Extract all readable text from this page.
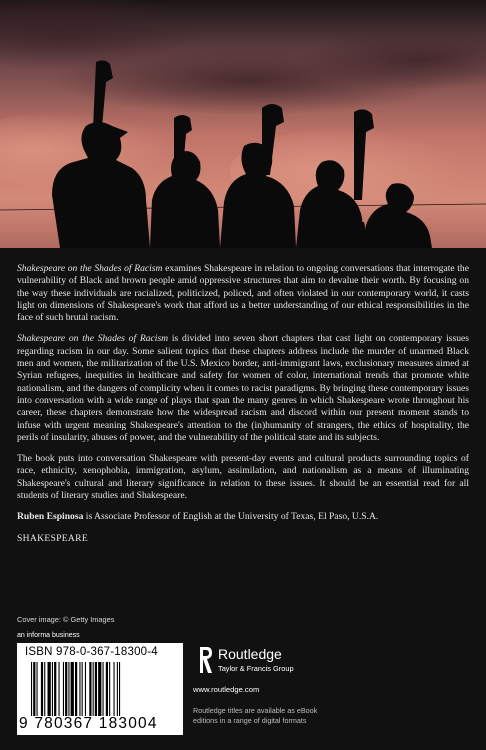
Shakespeare on the Shades of Racism examines Shakespeare in relation to ongoing conversations that interrogate the vulnerability of Black and brown people amid oppressive structures that aim to devalue their worth. By focusing on the way these individuals are racialized, politicized, policed, and often violated in our contemporary world, it casts light on dimensions of Shakespeare's work that afford us a better understanding of our ethical responsibilities in the face of such brutal racism.

Shakespeare on the Shades of Racism is divided into seven short chapters that cast light on contemporary issues regarding racism in our day. Some salient topics that these chapters address include the murder of unarmed Black men and women, the militarization of the U.S. Mexico border, anti-immigrant laws, exclusionary measures aimed at Syrian refugees, inequities in healthcare and safety for women of color, international trends that promote white nationalism, and the dangers of complicity when it comes to racist paradigms. By bringing these contemporary issues into conversation with a wide range of plays that span the many genres in which Shakespeare wrote throughout his career, these chapters demonstrate how the widespread racism and discord within our present moment stands to infuse with urgent meaning Shakespeare's attention to the (in)humanity of strangers, the ethics of hospitality, the perils of insularity, abuses of power, and the vulnerability of the political state and its subjects.

The book puts into conversation Shakespeare with present-day events and cultural products surrounding topics of race, ethnicity, xenophobia, immigration, asylum, assimilation, and nationalism as a means of illuminating Shakespeare's cultural and literary significance in relation to these issues. It should be an essential read for all students of literary studies and Shakespeare.

Ruben Espinosa is Associate Professor of English at the University of Texas, El Paso, U.S.A.

SHAKESPEARE

Cover image: © Getty Images
an informa business
ISBN 978-0-367-18300-4
9 780367 183004
Routledge
Taylor & Francis Group
www.routledge.com
Routledge titles are available as eBook editions in a range of digital formats
